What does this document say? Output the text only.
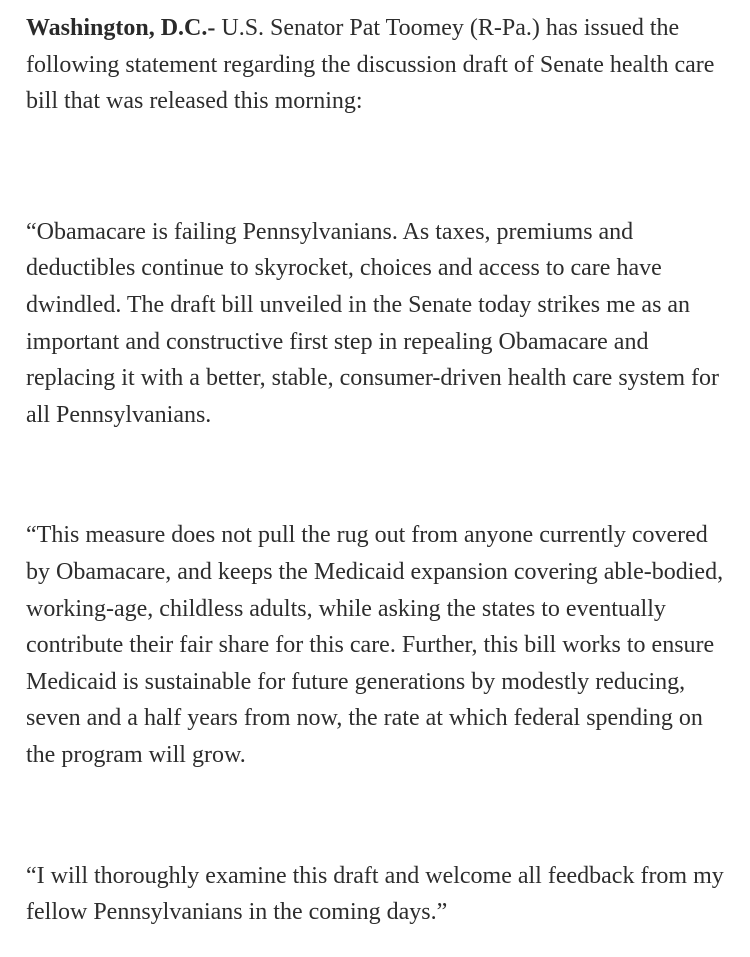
Washington, D.C.- U.S. Senator Pat Toomey (R-Pa.) has issued the following statement regarding the discussion draft of Senate health care bill that was released this morning:

“Obamacare is failing Pennsylvanians. As taxes, premiums and deductibles continue to skyrocket, choices and access to care have dwindled. The draft bill unveiled in the Senate today strikes me as an important and constructive first step in repealing Obamacare and replacing it with a better, stable, consumer-driven health care system for all Pennsylvanians.

“This measure does not pull the rug out from anyone currently covered by Obamacare, and keeps the Medicaid expansion covering able-bodied, working-age, childless adults, while asking the states to eventually contribute their fair share for this care. Further, this bill works to ensure Medicaid is sustainable for future generations by modestly reducing, seven and a half years from now, the rate at which federal spending on the program will grow.

“I will thoroughly examine this draft and welcome all feedback from my fellow Pennsylvanians in the coming days.”
